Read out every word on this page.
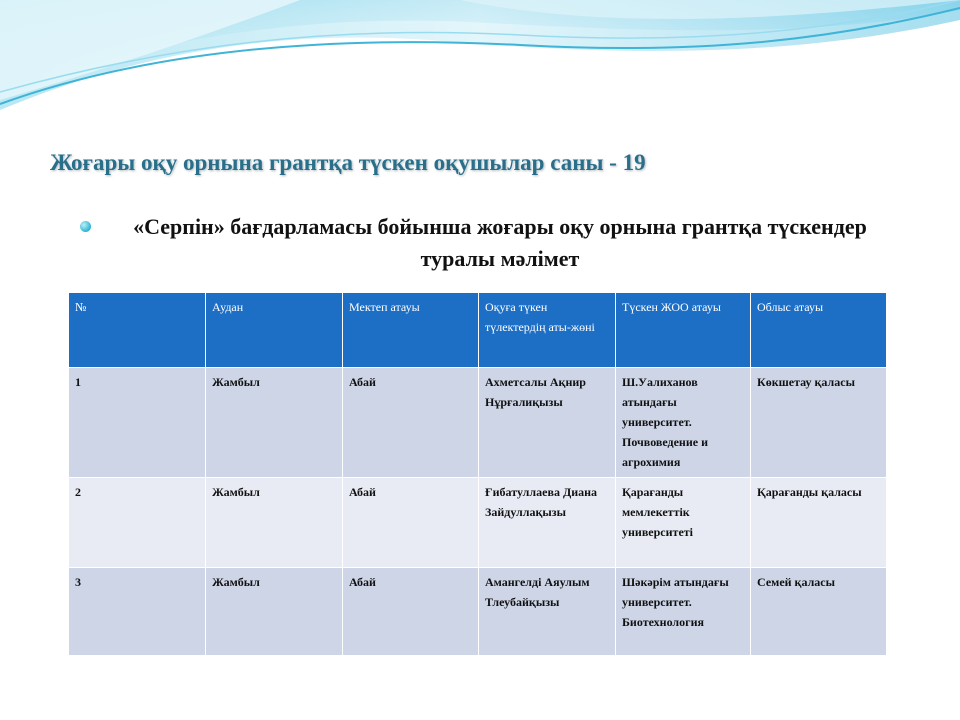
Жоғары оқу орнына грантқа түскен оқушылар саны - 19
«Серпін» бағдарламасы бойынша жоғары оқу орнына грантқа түскендер туралы мәлімет
№	Аудан	Мектеп атауы	Оқуға түкен түлектердің аты-жөні	Түскен ЖОО атауы	Облыс атауы
1	Жамбыл	Абай	Ахметсалы Ақнир Нұрғалиқызы	Ш.Уалиханов атындағы университет. Почвоведение и агрохимия	Көкшетау қаласы
2	Жамбыл	Абай	Ғибатуллаева Диана Зайдуллақызы	Қарағанды мемлекеттік университеті	Қарағанды қаласы
3	Жамбыл	Абай	Амангелді Аяулым Тлеубайқызы	Шәкәрім атындағы университет. Биотехнология	Семей қаласы
